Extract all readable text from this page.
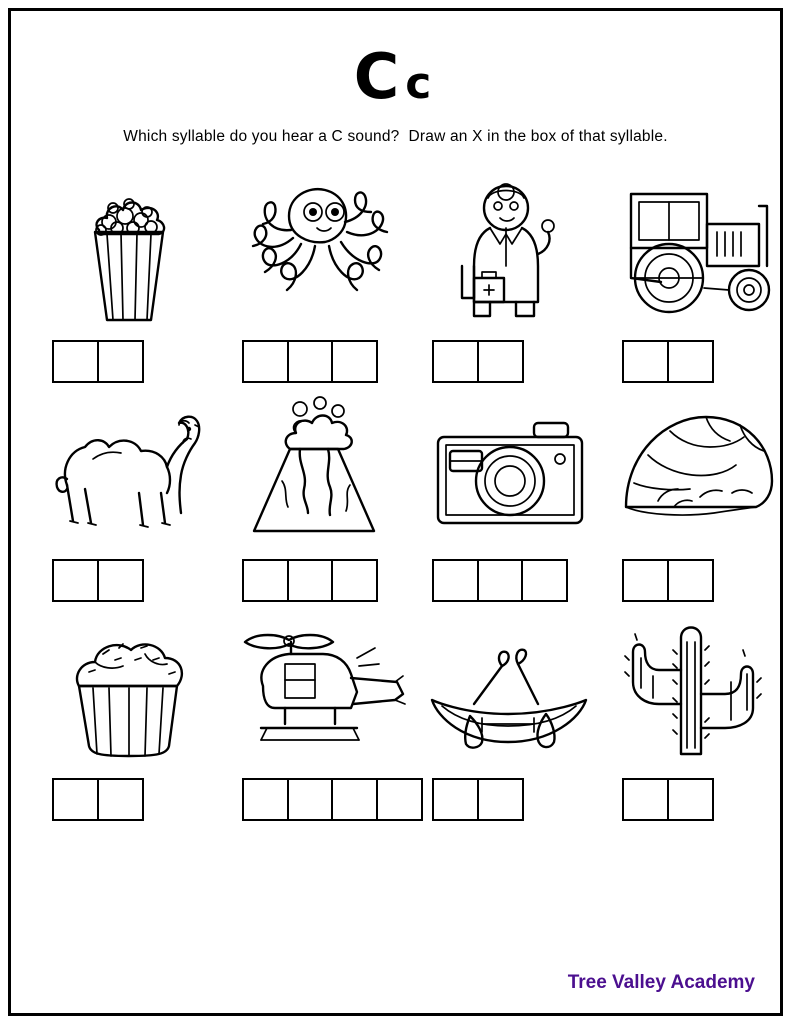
Cc
Which syllable do you hear a C sound? Draw an X in the box of that syllable.
Tree Valley Academy
